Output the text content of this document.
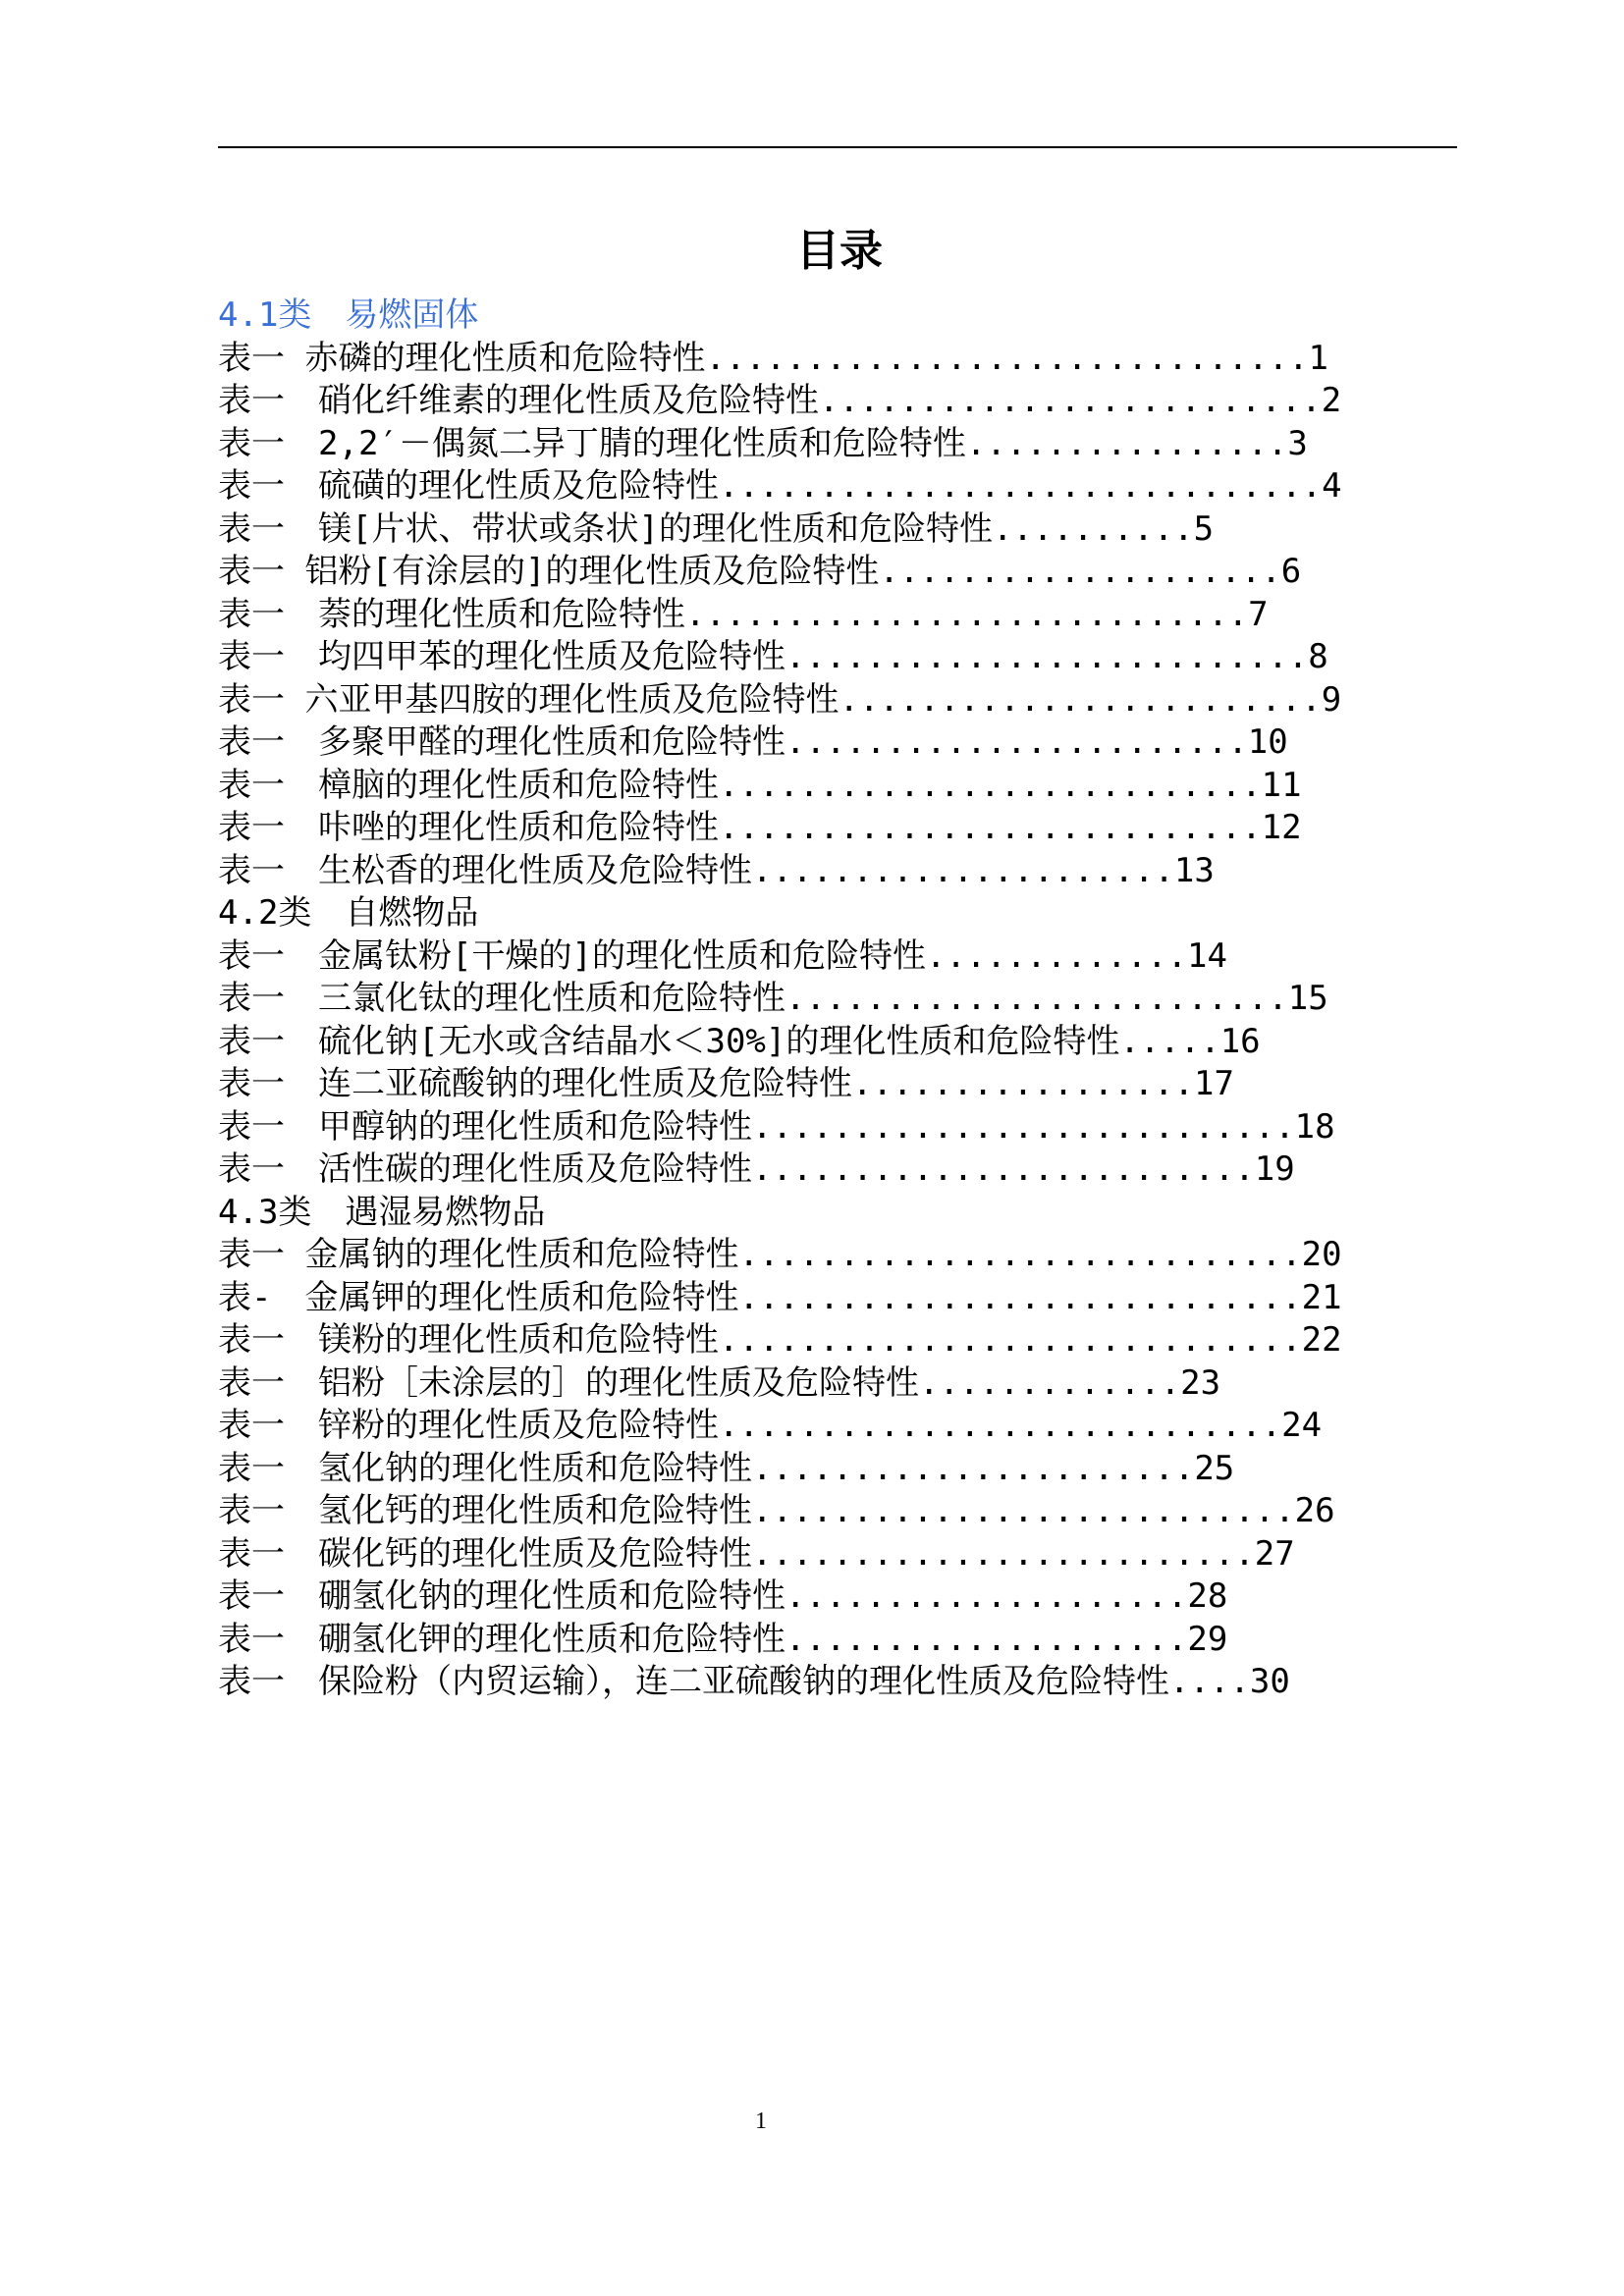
目录
4.1类　易燃固体
表一 赤磷的理化性质和危险特性..............................1
表一　硝化纤维素的理化性质及危险特性.........................2
表一　2,2′－偶氮二异丁腈的理化性质和危险特性................3
表一　硫磺的理化性质及危险特性..............................4
表一　镁[片状、带状或条状]的理化性质和危险特性..........5
表一 铝粉[有涂层的]的理化性质及危险特性....................6
表一　萘的理化性质和危险特性............................7
表一　均四甲苯的理化性质及危险特性..........................8
表一 六亚甲基四胺的理化性质及危险特性........................9
表一　多聚甲醛的理化性质和危险特性.......................10
表一　樟脑的理化性质和危险特性...........................11
表一　咔唑的理化性质和危险特性...........................12
表一　生松香的理化性质及危险特性.....................13
4.2类　自燃物品
表一　金属钛粉[干燥的]的理化性质和危险特性.............14
表一　三氯化钛的理化性质和危险特性.........................15
表一　硫化钠[无水或含结晶水＜30%]的理化性质和危险特性.....16
表一　连二亚硫酸钠的理化性质及危险特性.................17
表一　甲醇钠的理化性质和危险特性...........................18
表一　活性碳的理化性质及危险特性.........................19
4.3类　遇湿易燃物品
表一 金属钠的理化性质和危险特性............................20
表-　金属钾的理化性质和危险特性............................21
表一　镁粉的理化性质和危险特性.............................22
表一　铝粉［未涂层的］的理化性质及危险特性.............23
表一　锌粉的理化性质及危险特性............................24
表一　氢化钠的理化性质和危险特性......................25
表一　氢化钙的理化性质和危险特性...........................26
表一　碳化钙的理化性质及危险特性.........................27
表一　硼氢化钠的理化性质和危险特性....................28
表一　硼氢化钾的理化性质和危险特性....................29
表一　保险粉（内贸运输），连二亚硫酸钠的理化性质及危险特性....30
1
